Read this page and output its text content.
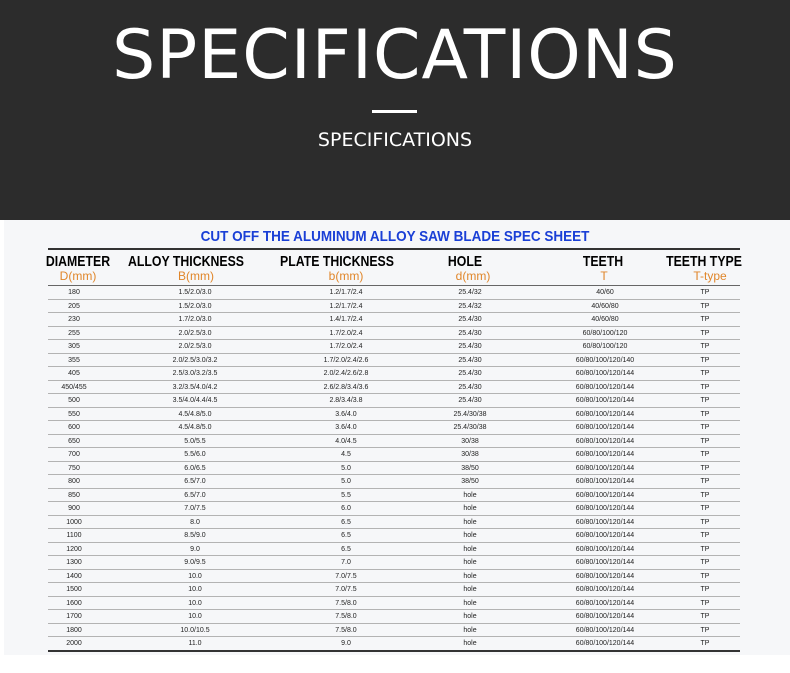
SPECIFICATIONS
SPECIFICATIONS
CUT OFF THE ALUMINUM ALLOY SAW BLADE SPEC SHEET
DIAMETER	ALLOY THICKNESS	PLATE THICKNESS	HOLE	TEETH	TEETH TYPE
D(mm)	B(mm)	b(mm)	d(mm)	T	T-type
180	1.5/2.0/3.0	1.2/1.7/2.4	25.4/32	40/60	TP
205	1.5/2.0/3.0	1.2/1.7/2.4	25.4/32	40/60/80	TP
230	1.7/2.0/3.0	1.4/1.7/2.4	25.4/30	40/60/80	TP
255	2.0/2.5/3.0	1.7/2.0/2.4	25.4/30	60/80/100/120	TP
305	2.0/2.5/3.0	1.7/2.0/2.4	25.4/30	60/80/100/120	TP
355	2.0/2.5/3.0/3.2	1.7/2.0/2.4/2.6	25.4/30	60/80/100/120/140	TP
405	2.5/3.0/3.2/3.5	2.0/2.4/2.6/2.8	25.4/30	60/80/100/120/144	TP
450/455	3.2/3.5/4.0/4.2	2.6/2.8/3.4/3.6	25.4/30	60/80/100/120/144	TP
500	3.5/4.0/4.4/4.5	2.8/3.4/3.8	25.4/30	60/80/100/120/144	TP
550	4.5/4.8/5.0	3.6/4.0	25.4/30/38	60/80/100/120/144	TP
600	4.5/4.8/5.0	3.6/4.0	25.4/30/38	60/80/100/120/144	TP
650	5.0/5.5	4.0/4.5	30/38	60/80/100/120/144	TP
700	5.5/6.0	4.5	30/38	60/80/100/120/144	TP
750	6.0/6.5	5.0	38/50	60/80/100/120/144	TP
800	6.5/7.0	5.0	38/50	60/80/100/120/144	TP
850	6.5/7.0	5.5	hole	60/80/100/120/144	TP
900	7.0/7.5	6.0	hole	60/80/100/120/144	TP
1000	8.0	6.5	hole	60/80/100/120/144	TP
1100	8.5/9.0	6.5	hole	60/80/100/120/144	TP
1200	9.0	6.5	hole	60/80/100/120/144	TP
1300	9.0/9.5	7.0	hole	60/80/100/120/144	TP
1400	10.0	7.0/7.5	hole	60/80/100/120/144	TP
1500	10.0	7.0/7.5	hole	60/80/100/120/144	TP
1600	10.0	7.5/8.0	hole	60/80/100/120/144	TP
1700	10.0	7.5/8.0	hole	60/80/100/120/144	TP
1800	10.0/10.5	7.5/8.0	hole	60/80/100/120/144	TP
2000	11.0	9.0	hole	60/80/100/120/144	TP
